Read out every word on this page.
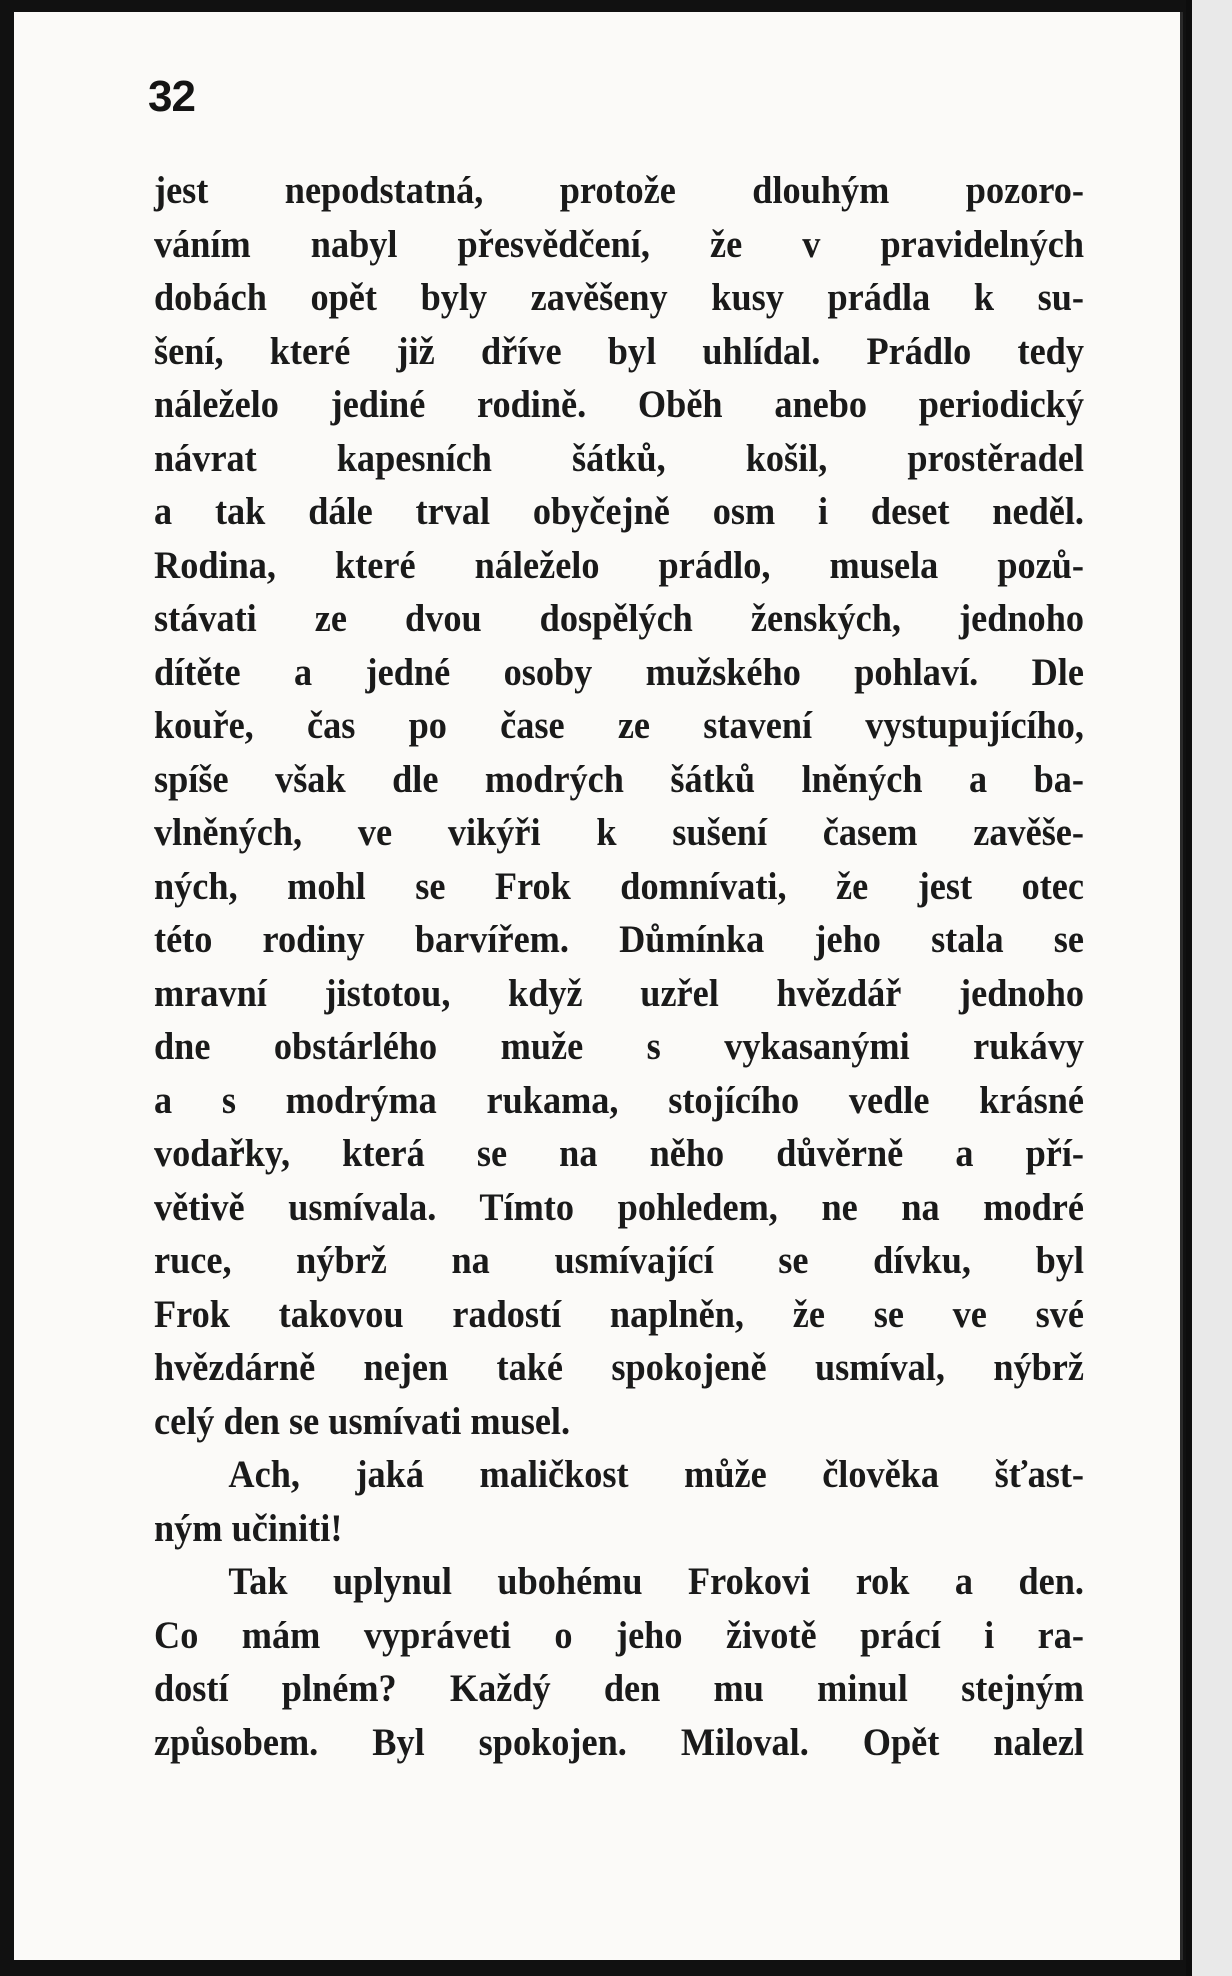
32
jest nepodstatná, protože dlouhým pozoro-
váním nabyl přesvědčení, že v pravidelných
dobách opět byly zavěšeny kusy prádla k su-
šení, které již dříve byl uhlídal. Prádlo tedy
náleželo jediné rodině. Oběh anebo periodický
návrat kapesních šátků, košil, prostěradel
a tak dále trval obyčejně osm i deset neděl.
Rodina, které náleželo prádlo, musela pozů-
stávati ze dvou dospělých ženských, jednoho
dítěte a jedné osoby mužského pohlaví. Dle
kouře, čas po čase ze stavení vystupujícího,
spíše však dle modrých šátků lněných a ba-
vlněných, ve vikýři k sušení časem zavěše-
ných, mohl se Frok domnívati, že jest otec
této rodiny barvířem. Důmínka jeho stala se
mravní jistotou, když uzřel hvězdář jednoho
dne obstárlého muže s vykasanými rukávy
a s modrýma rukama, stojícího vedle krásné
vodařky, která se na něho důvěrně a pří-
větivě usmívala. Tímto pohledem, ne na modré
ruce, nýbrž na usmívající se dívku, byl
Frok takovou radostí naplněn, že se ve své
hvězdárně nejen také spokojeně usmíval, nýbrž
celý den se usmívati musel.
Ach, jaká maličkost může člověka šťast-
ným učiniti!
Tak uplynul ubohému Frokovi rok a den.
Co mám vypráveti o jeho životě prácí i ra-
dostí plném? Každý den mu minul stejným
způsobem. Byl spokojen. Miloval. Opět nalezl
